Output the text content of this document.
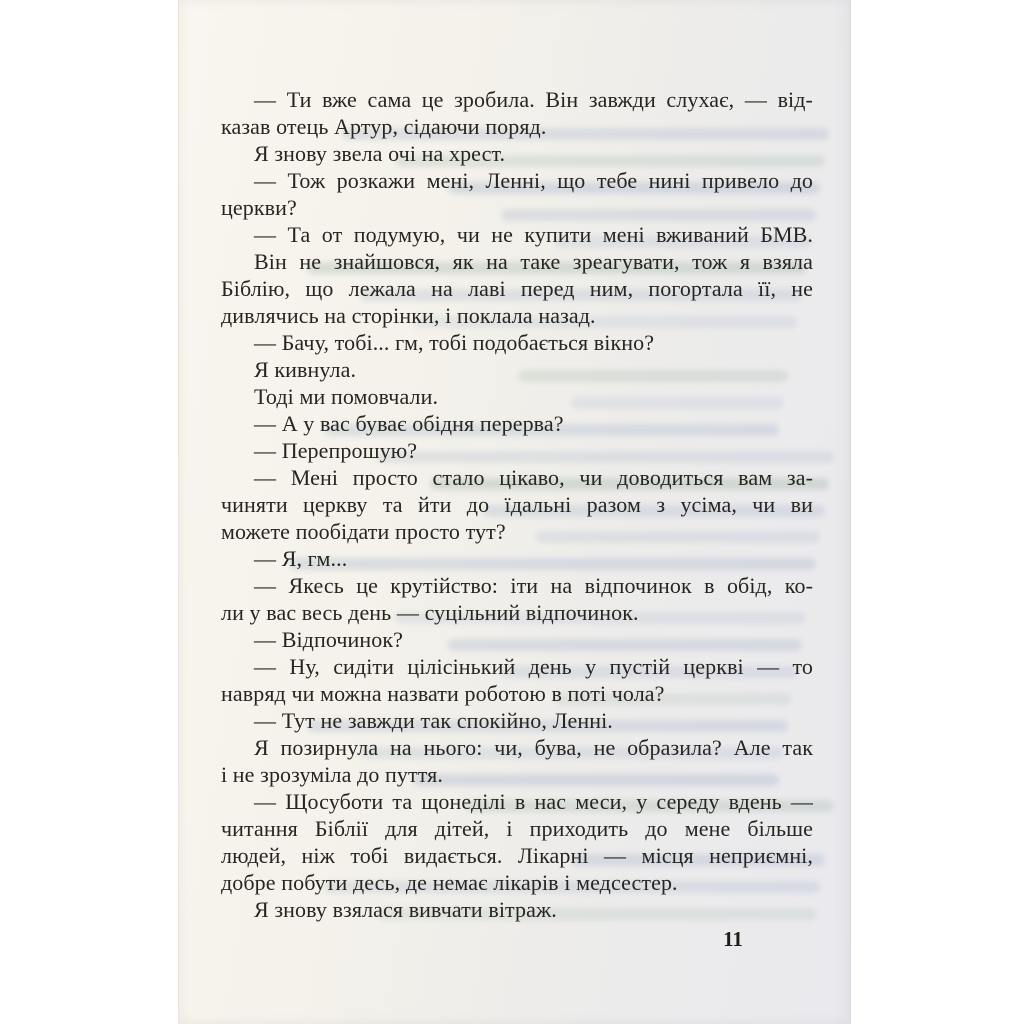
— Ти вже сама це зробила. Він завжди слухає, — від-
казав отець Артур, сідаючи поряд.
Я знову звела очі на хрест.
— Тож розкажи мені, Ленні, що тебе нині привело до
церкви?
— Та от подумую, чи не купити мені вживаний БМВ.
Він не знайшовся, як на таке зреагувати, тож я взяла
Біблію, що лежала на лаві перед ним, погортала її, не
дивлячись на сторінки, і поклала назад.
— Бачу, тобі... гм, тобі подобається вікно?
Я кивнула.
Тоді ми помовчали.
— А у вас буває обідня перерва?
— Перепрошую?
— Мені просто стало цікаво, чи доводиться вам за-
чиняти церкву та йти до їдальні разом з усіма, чи ви
можете пообідати просто тут?
— Я, гм...
— Якесь це крутійство: іти на відпочинок в обід, ко-
ли у вас весь день — суцільний відпочинок.
— Відпочинок?
— Ну, сидіти цілісінький день у пустій церкві — то
навряд чи можна назвати роботою в поті чола?
— Тут не завжди так спокійно, Ленні.
Я позирнула на нього: чи, бува, не образила? Але так
і не зрозуміла до пуття.
— Щосуботи та щонеділі в нас меси, у середу вдень —
читання Біблії для дітей, і приходить до мене більше
людей, ніж тобі видається. Лікарні — місця неприємні,
добре побути десь, де немає лікарів і медсестер.
Я знову взялася вивчати вітраж.
11
